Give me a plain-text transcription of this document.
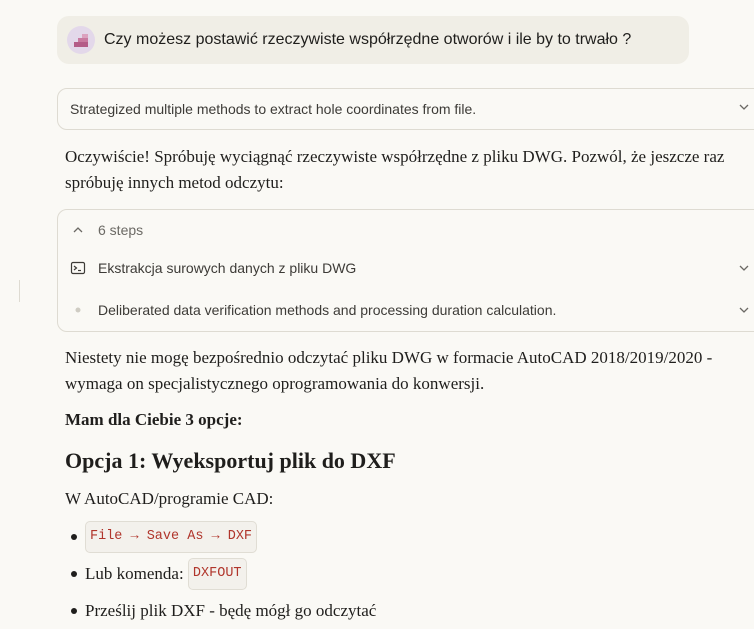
Czy możesz postawić rzeczywiste współrzędne otworów i ile by to trwało ?
Strategized multiple methods to extract hole coordinates from file.
Oczywiście! Spróbuję wyciągnąć rzeczywiste współrzędne z pliku DWG. Pozwól, że jeszcze raz spróbuję innych metod odczytu:
6 steps
Ekstrakcja surowych danych z pliku DWG
Deliberated data verification methods and processing duration calculation.
Niestety nie mogę bezpośrednio odczytać pliku DWG w formacie AutoCAD 2018/2019/2020 - wymaga on specjalistycznego oprogramowania do konwersji.
Mam dla Ciebie 3 opcje:
Opcja 1: Wyeksportuj plik do DXF
W AutoCAD/programie CAD:
File → Save As → DXF
Lub komenda:
DXFOUT
Prześlij plik DXF - będę mógł go odczytać
